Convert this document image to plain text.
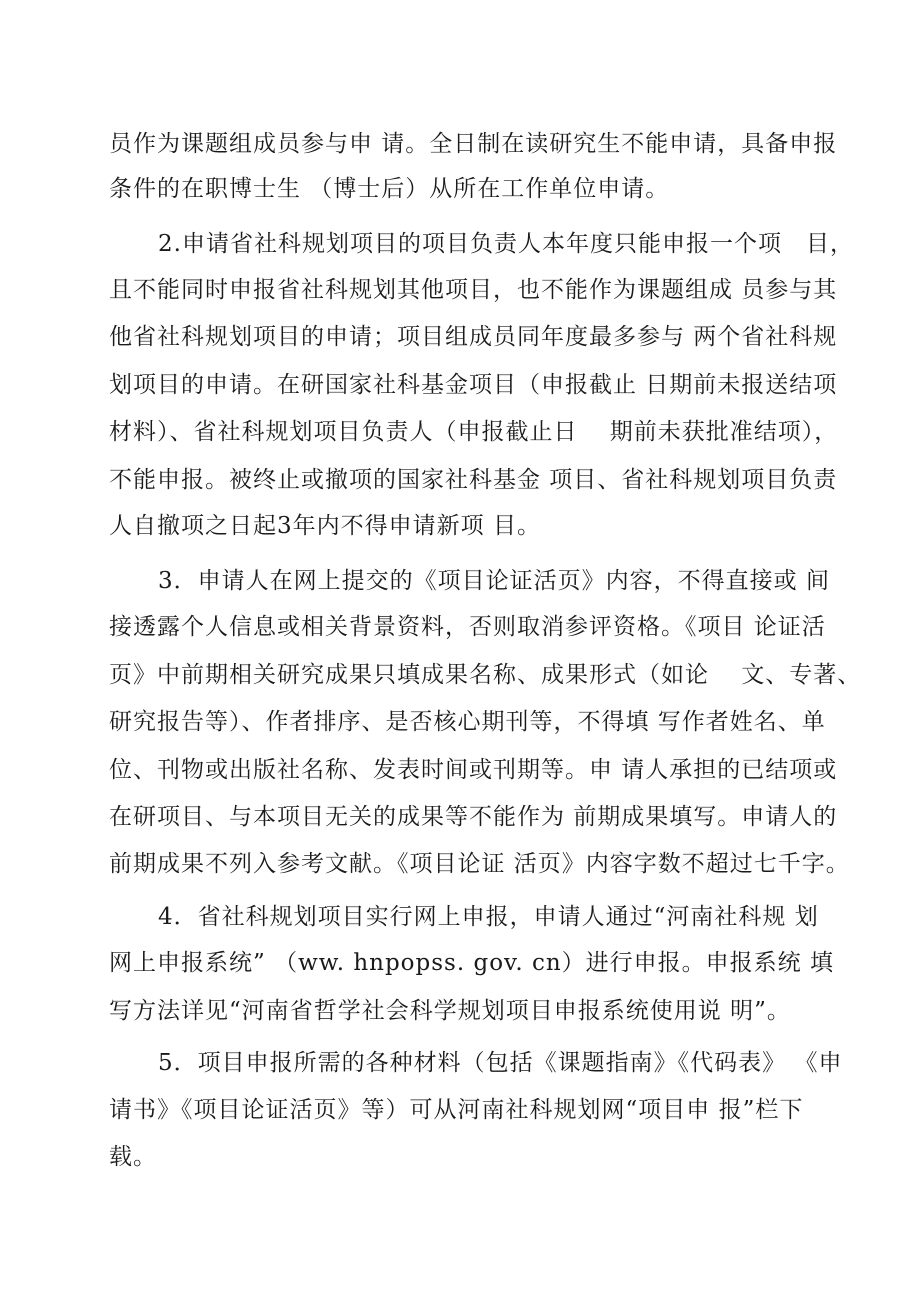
员作为课题组成员参与申 请。全日制在读研究生不能申请，具备申报
条件的在职博士生 （博士后）从所在工作单位申请。
2.申请省社科规划项目的项目负责人本年度只能申报一个项　目，
且不能同时申报省社科规划其他项目，也不能作为课题组成 员参与其
他省社科规划项目的申请；项目组成员同年度最多参与 两个省社科规
划项目的申请。在研国家社科基金项目（申报截止 日期前未报送结项
材料）、省社科规划项目负责人（申报截止日　 期前未获批准结项），
不能申报。被终止或撤项的国家社科基金 项目、省社科规划项目负责
人自撤项之日起3年内不得申请新项 目。
3．申请人在网上提交的《项目论证活页》内容，不得直接或 间
接透露个人信息或相关背景资料，否则取消参评资格。《项目 论证活
页》中前期相关研究成果只填成果名称、成果形式（如论　 文、专著、
研究报告等）、作者排序、是否核心期刊等，不得填 写作者姓名、单
位、刊物或出版社名称、发表时间或刊期等。申 请人承担的已结项或
在研项目、与本项目无关的成果等不能作为 前期成果填写。申请人的
前期成果不列入参考文献。《项目论证 活页》内容字数不超过七千字。
4．省社科规划项目实行网上申报，申请人通过“河南社科规 划
网上申报系统” （ww. hnpopss. gov. cn）进行申报。申报系统 填
写方法详见“河南省哲学社会科学规划项目申报系统使用说 明”。
5．项目申报所需的各种材料（包括《课题指南》《代码表》 《申
请书》《项目论证活页》等）可从河南社科规划网“项目申 报”栏下
载。
